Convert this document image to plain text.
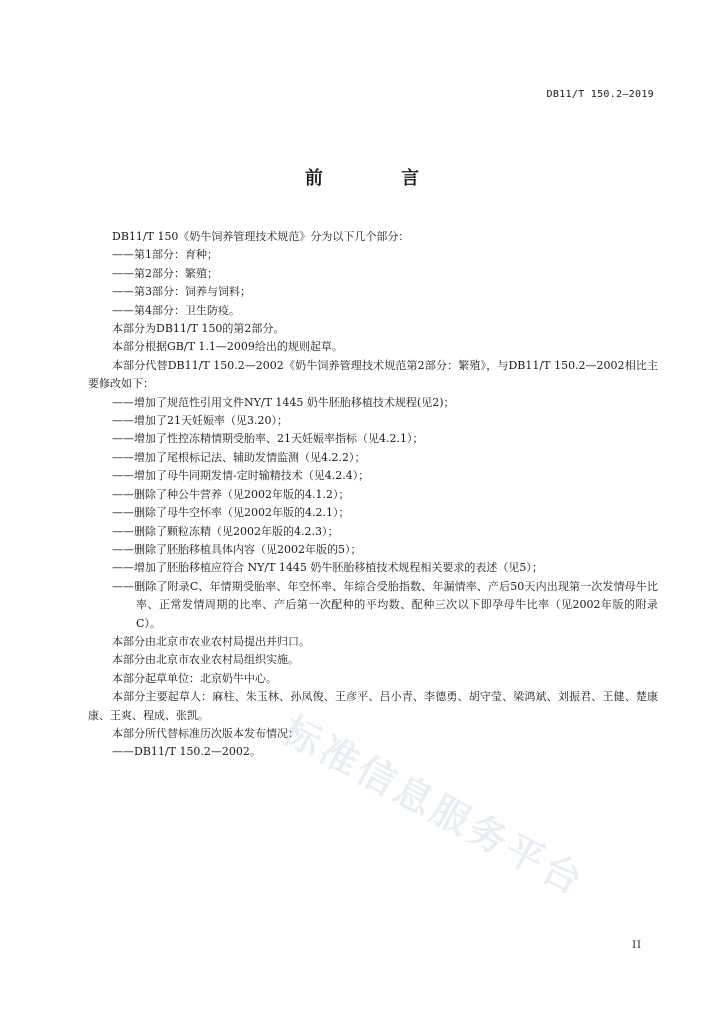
DB11/T 150.2—2019
前 言

DB11/T 150《奶牛饲养管理技术规范》分为以下几个部分：

——第1部分：育种；

——第2部分：繁殖；

——第3部分：饲养与饲料；

——第4部分：卫生防疫。

本部分为DB11/T 150的第2部分。

本部分根据GB/T 1.1—2009给出的规则起草。

本部分代替DB11/T 150.2—2002《奶牛饲养管理技术规范第2部分：繁殖》，与DB11/T 150.2—2002相比主要修改如下：

——增加了规范性引用文件NY/T 1445 奶牛胚胎移植技术规程(见2)；

——增加了21天妊娠率（见3.20）；

——增加了性控冻精情期受胎率、21天妊娠率指标（见4.2.1）；

——增加了尾根标记法、辅助发情监测（见4.2.2）；

——增加了母牛同期发情-定时输精技术（见4.2.4）；

——删除了种公牛营养（见2002年版的4.1.2）；

——删除了母牛空怀率（见2002年版的4.2.1）；

——删除了颗粒冻精（见2002年版的4.2.3）；

——删除了胚胎移植具体内容（见2002年版的5）；

——增加了胚胎移植应符合 NY/T 1445 奶牛胚胎移植技术规程相关要求的表述（见5）；

——删除了附录C、年情期受胎率、年空怀率、年综合受胎指数、年漏情率、产后50天内出现第一次发情母牛比率、正常发情周期的比率、产后第一次配种的平均数、配种三次以下即孕母牛比率（见2002年版的附录C）。

本部分由北京市农业农村局提出并归口。

本部分由北京市农业农村局组织实施。

本部分起草单位：北京奶牛中心。

本部分主要起草人：麻柱、朱玉林、孙凤俊、王彦平、吕小青、李德勇、胡守莹、梁鸿斌、刘振君、王健、楚康康、王爽、程成、张凯。

本部分所代替标准历次版本发布情况：

——DB11/T 150.2—2002。 标准信息服务平台
II
